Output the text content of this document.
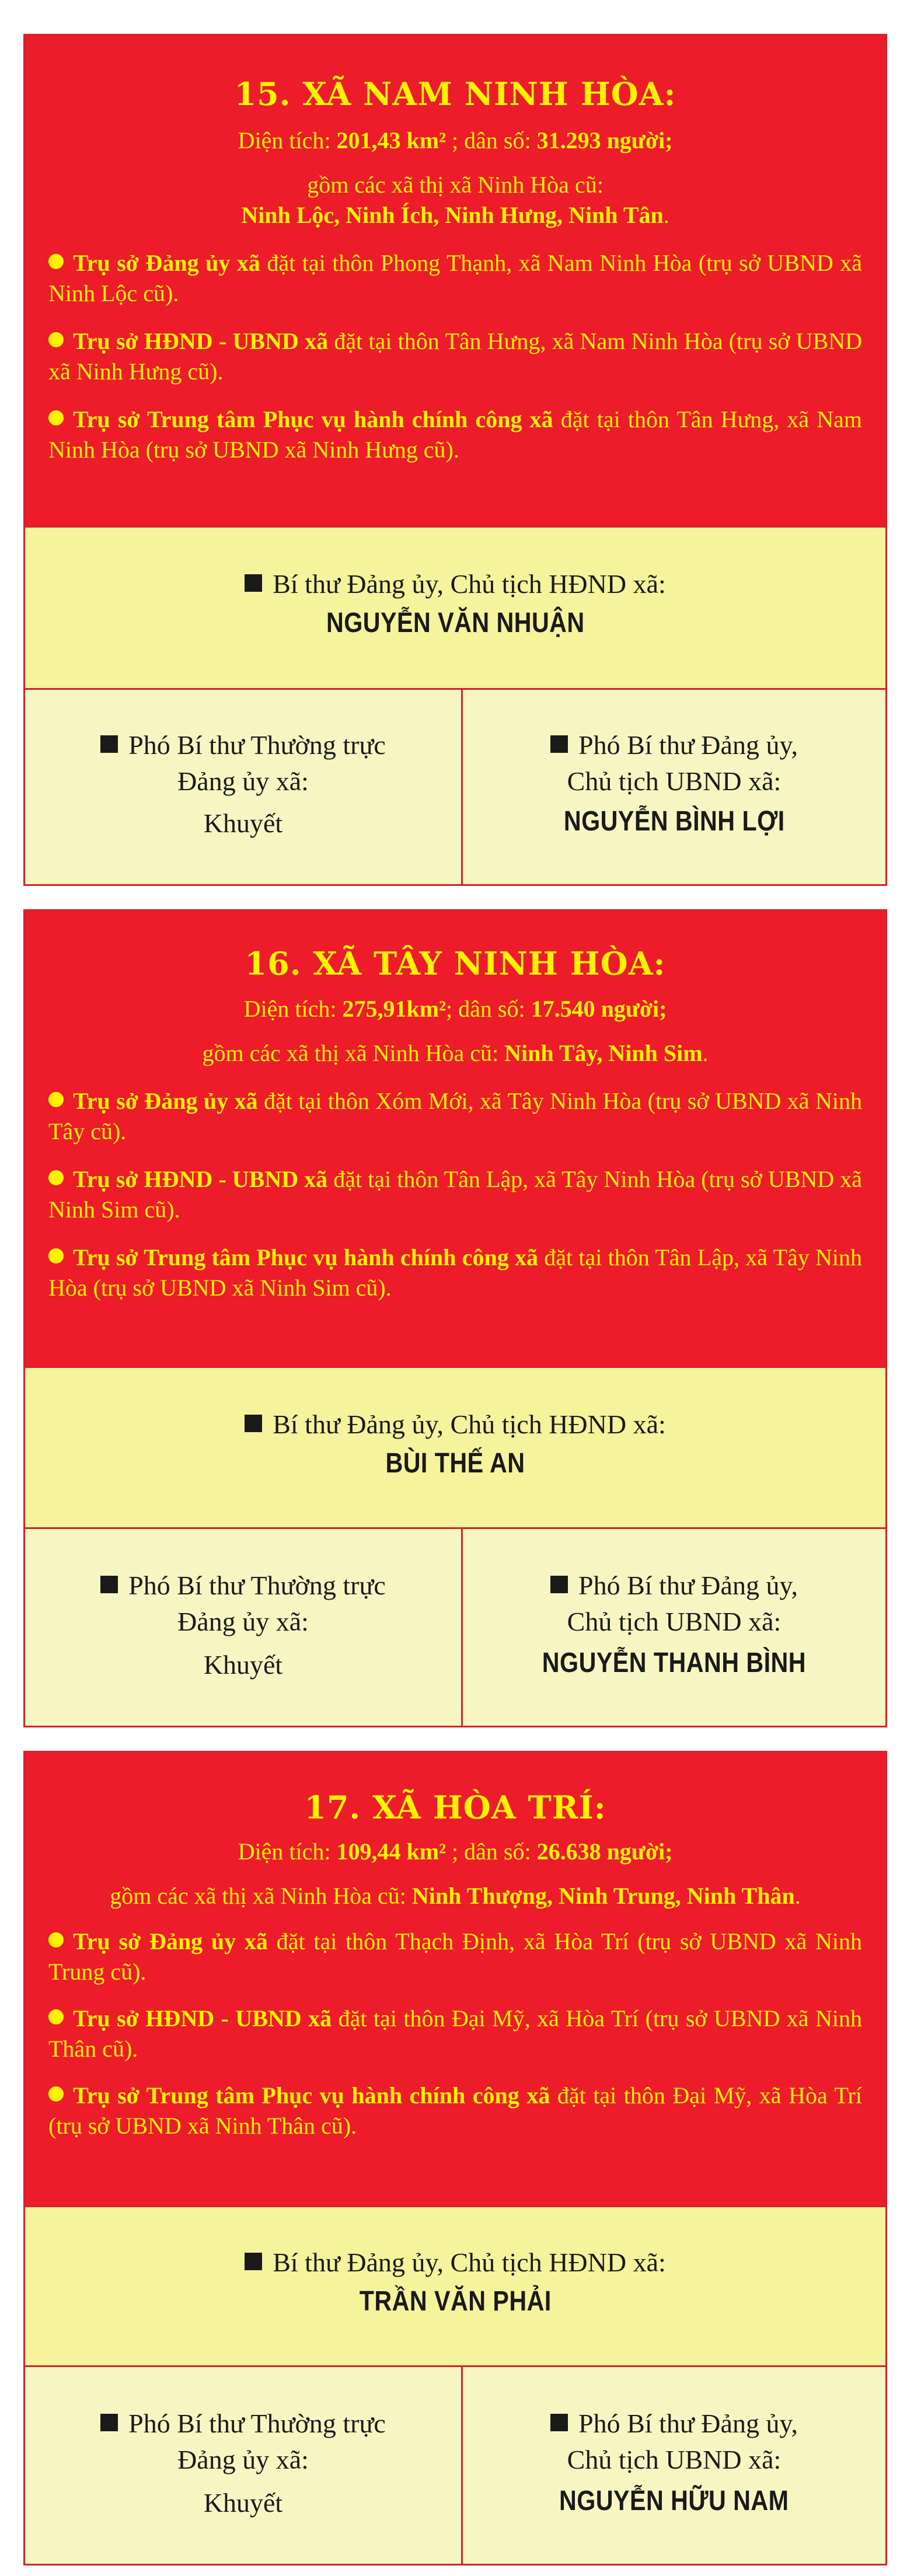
15. XÃ NAM NINH HÒA:

Diện tích: 201,43 km² ; dân số: 31.293 người;

gồm các xã thị xã Ninh Hòa cũ:

Ninh Lộc, Ninh Ích, Ninh Hưng, Ninh Tân.

Trụ sở Đảng ủy xã đặt tại thôn Phong Thạnh, xã Nam Ninh Hòa (trụ sở UBND xã Ninh Lộc cũ).

Trụ sở HĐND - UBND xã đặt tại thôn Tân Hưng, xã Nam Ninh Hòa (trụ sở UBND xã Ninh Hưng cũ).

Trụ sở Trung tâm Phục vụ hành chính công xã đặt tại thôn Tân Hưng, xã Nam Ninh Hòa (trụ sở UBND xã Ninh Hưng cũ).

Bí thư Đảng ủy, Chủ tịch HĐND xã:

NGUYỄN VĂN NHUẬN

Phó Bí thư Thường trực

Đảng ủy xã:

Khuyết

Phó Bí thư Đảng ủy,

Chủ tịch UBND xã:

NGUYỄN BÌNH LỢI

16. XÃ TÂY NINH HÒA:

Diện tích: 275,91km²; dân số: 17.540 người;

gồm các xã thị xã Ninh Hòa cũ: Ninh Tây, Ninh Sim.

Trụ sở Đảng ủy xã đặt tại thôn Xóm Mới, xã Tây Ninh Hòa (trụ sở UBND xã Ninh Tây cũ).

Trụ sở HĐND - UBND xã đặt tại thôn Tân Lập, xã Tây Ninh Hòa (trụ sở UBND xã Ninh Sim cũ).

Trụ sở Trung tâm Phục vụ hành chính công xã đặt tại thôn Tân Lập, xã Tây Ninh Hòa (trụ sở UBND xã Ninh Sim cũ).

Bí thư Đảng ủy, Chủ tịch HĐND xã:

BÙI THẾ AN

Phó Bí thư Thường trực

Đảng ủy xã:

Khuyết

Phó Bí thư Đảng ủy,

Chủ tịch UBND xã:

NGUYỄN THANH BÌNH

17. XÃ HÒA TRÍ:

Diện tích: 109,44 km² ; dân số: 26.638 người;

gồm các xã thị xã Ninh Hòa cũ: Ninh Thượng, Ninh Trung, Ninh Thân.

Trụ sở Đảng ủy xã đặt tại thôn Thạch Định, xã Hòa Trí (trụ sở UBND xã Ninh Trung cũ).

Trụ sở HĐND - UBND xã đặt tại thôn Đại Mỹ, xã Hòa Trí (trụ sở UBND xã Ninh Thân cũ).

Trụ sở Trung tâm Phục vụ hành chính công xã đặt tại thôn Đại Mỹ, xã Hòa Trí (trụ sở UBND xã Ninh Thân cũ).

Bí thư Đảng ủy, Chủ tịch HĐND xã:

TRẦN VĂN PHẢI

Phó Bí thư Thường trực

Đảng ủy xã:

Khuyết

Phó Bí thư Đảng ủy,

Chủ tịch UBND xã:

NGUYỄN HỮU NAM
